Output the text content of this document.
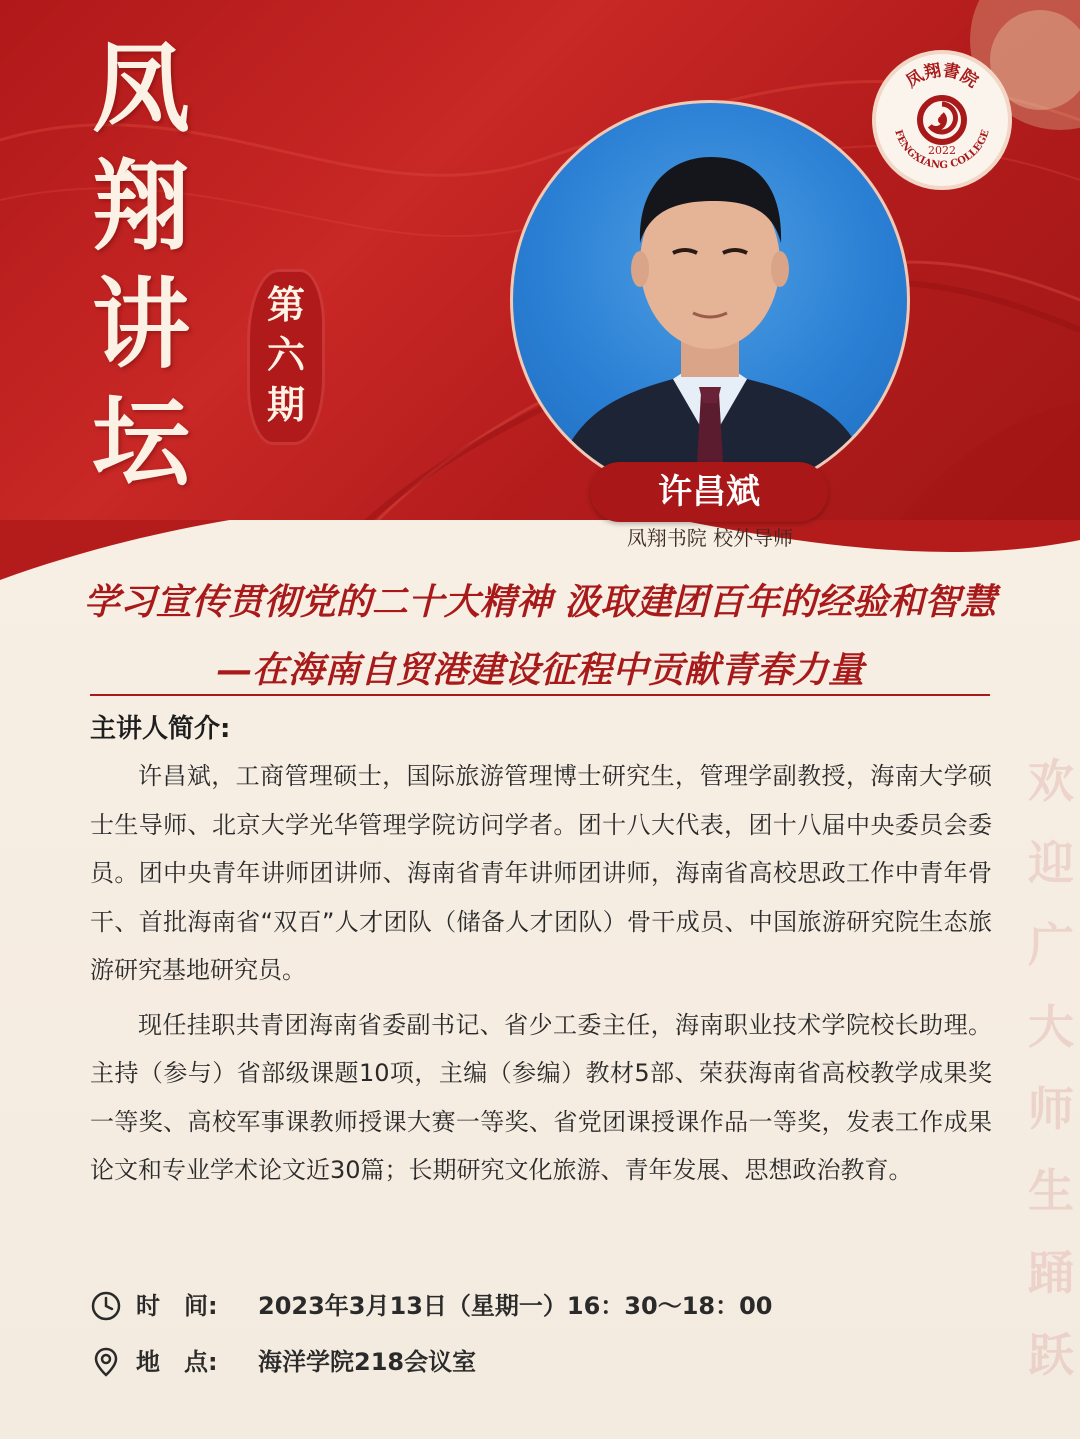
凤
翔
讲
坛
第
六
期
凤翔書院
FENGXIANG COLLEGE
2022
许昌斌
凤翔书院 校外导师
学习宣传贯彻党的二十大精神 汲取建团百年的经验和智慧
—在海南自贸港建设征程中贡献青春力量
主讲人简介:

许昌斌，工商管理硕士，国际旅游管理博士研究生，管理学副教授，海南大学硕士生导师、北京大学光华管理学院访问学者。团十八大代表，团十八届中央委员会委员。团中央青年讲师团讲师、海南省青年讲师团讲师，海南省高校思政工作中青年骨干、首批海南省“双百”人才团队（储备人才团队）骨干成员、中国旅游研究院生态旅游研究基地研究员。

现任挂职共青团海南省委副书记、省少工委主任，海南职业技术学院校长助理。主持（参与）省部级课题10项，主编（参编）教材5部、荣获海南省高校教学成果奖一等奖、高校军事课教师授课大赛一等奖、省党团课授课作品一等奖，发表工作成果论文和专业学术论文近30篇；长期研究文化旅游、青年发展、思想政治教育。

欢
迎
广
大
师
生
踊
跃
时　间:	2023年3月13日（星期一）16：30～18：00
地　点:	海洋学院218会议室
